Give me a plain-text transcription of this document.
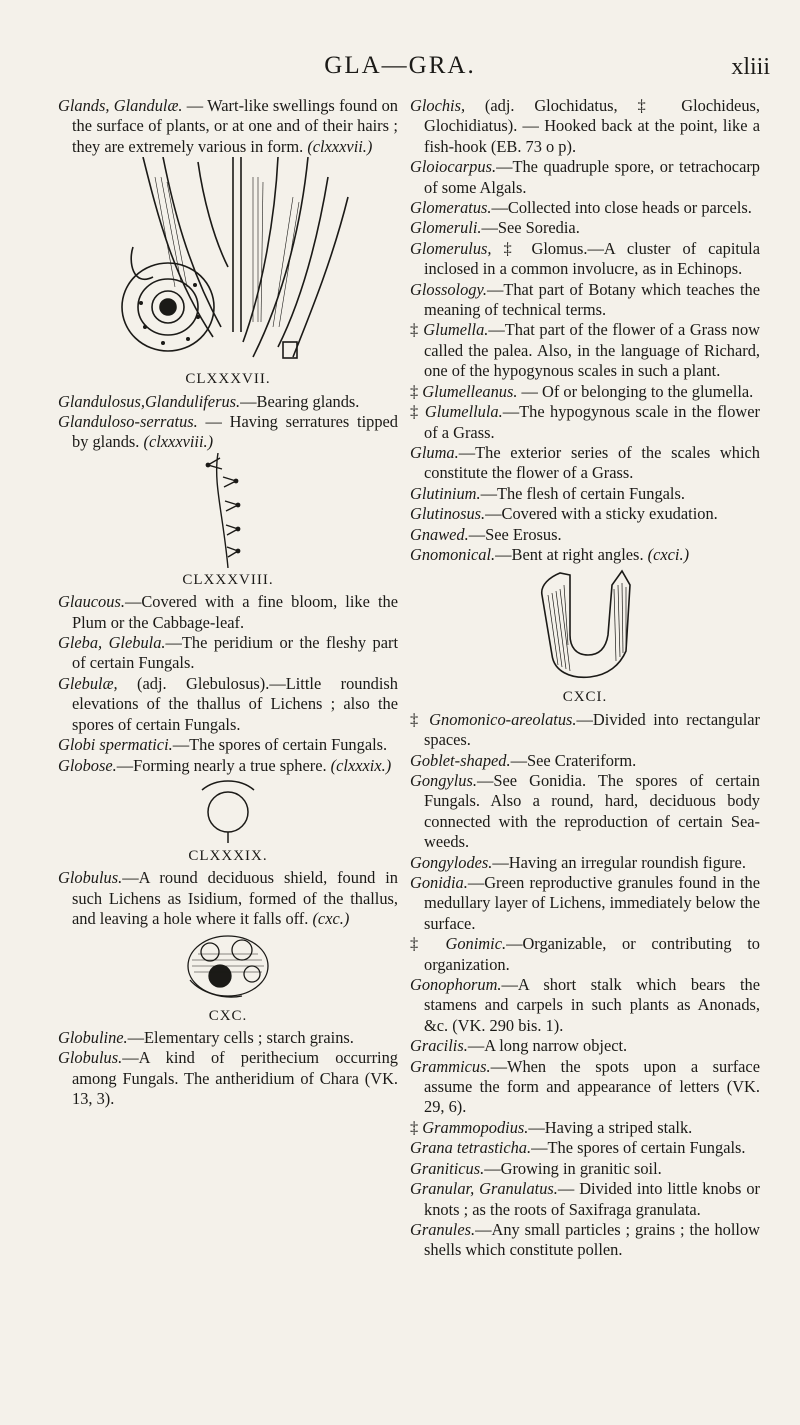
GLA—GRA.	xliii

Glands, Glandulæ. — Wart-like swellings found on the surface of plants, or at one and of their hairs ; they are extremely various in form. (clxxxvii.)

CLXXXVII.

Glandulosus,Glanduliferus.—Bearing glands.

Glanduloso-serratus. — Having serratures tipped by glands. (clxxxviii.)

CLXXXVIII.

Glaucous.—Covered with a fine bloom, like the Plum or the Cabbage-leaf.

Gleba, Glebula.—The peridium or the fleshy part of certain Fungals.

Glebulæ, (adj. Glebulosus).—Little roundish elevations of the thallus of Lichens ; also the spores of certain Fungals.

Globi spermatici.—The spores of certain Fungals.

Globose.—Forming nearly a true sphere. (clxxxix.)

CLXXXIX.

Globulus.—A round deciduous shield, found in such Lichens as Isidium, formed of the thallus, and leaving a hole where it falls off. (cxc.)

CXC.

Globuline.—Elementary cells ; starch grains.

Globulus.—A kind of perithecium occurring among Fungals. The antheridium of Chara (VK. 13, 3).

Glochis, (adj. Glochidatus, ‡ Glochideus, Glochidiatus). — Hooked back at the point, like a fish-hook (EB. 73 o p).

Gloiocarpus.—The quadruple spore, or tetrachocarp of some Algals.

Glomeratus.—Collected into close heads or parcels.

Glomeruli.—See Soredia.

Glomerulus, ‡ Glomus.—A cluster of capitula inclosed in a common involucre, as in Echinops.

Glossology.—That part of Botany which teaches the meaning of technical terms.

‡ Glumella.—That part of the flower of a Grass now called the palea. Also, in the language of Richard, one of the hypogynous scales in such a plant.

‡ Glumelleanus. — Of or belonging to the glumella.

‡ Glumellula.—The hypogynous scale in the flower of a Grass.

Gluma.—The exterior series of the scales which constitute the flower of a Grass.

Glutinium.—The flesh of certain Fungals.

Glutinosus.—Covered with a sticky exudation.

Gnawed.—See Erosus.

Gnomonical.—Bent at right angles. (cxci.)

CXCI.

‡ Gnomonico-areolatus.—Divided into rectangular spaces.

Goblet-shaped.—See Crateriform.

Gongylus.—See Gonidia. The spores of certain Fungals. Also a round, hard, deciduous body connected with the reproduction of certain Sea-weeds.

Gongylodes.—Having an irregular roundish figure.

Gonidia.—Green reproductive granules found in the medullary layer of Lichens, immediately below the surface.

‡ Gonimic.—Organizable, or contributing to organization.

Gonophorum.—A short stalk which bears the stamens and carpels in such plants as Anonads, &c. (VK. 290 bis. 1).

Gracilis.—A long narrow object.

Grammicus.—When the spots upon a surface assume the form and appearance of letters (VK. 29, 6).

‡ Grammopodius.—Having a striped stalk.

Grana tetrasticha.—The spores of certain Fungals.

Graniticus.—Growing in granitic soil.

Granular, Granulatus.— Divided into little knobs or knots ; as the roots of Saxifraga granulata.

Granules.—Any small particles ; grains ; the hollow shells which constitute pollen.
